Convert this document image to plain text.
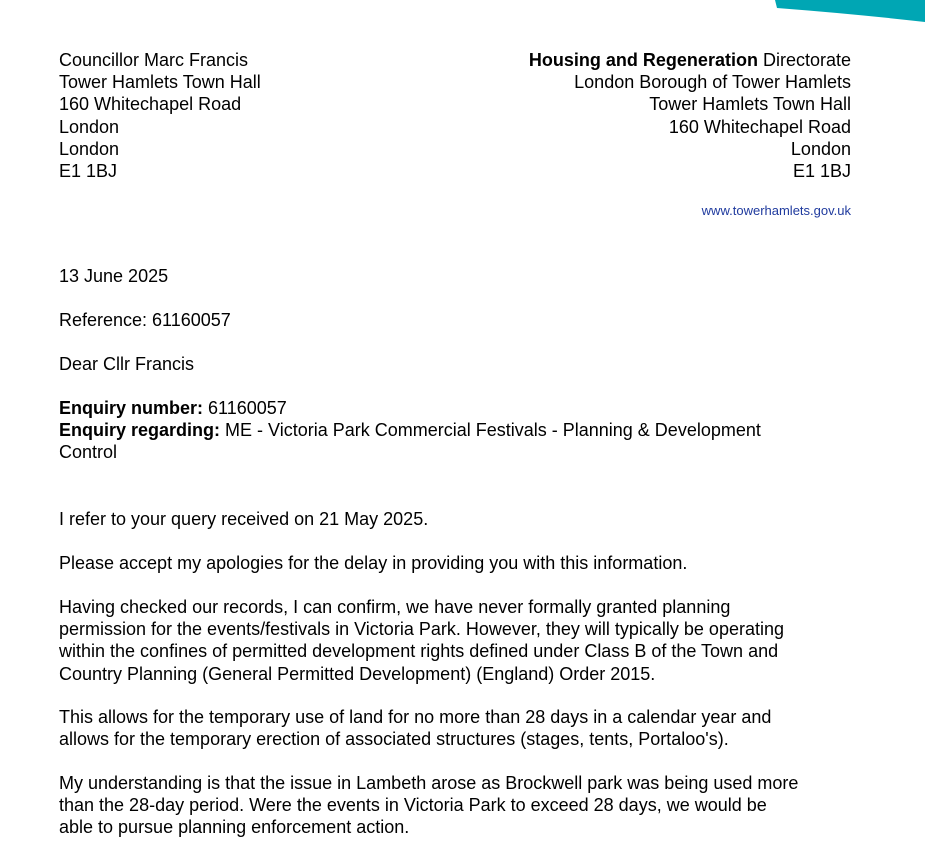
Councillor Marc Francis
Tower Hamlets Town Hall
160 Whitechapel Road
London
London
E1 1BJ
Housing and Regeneration Directorate
London Borough of Tower Hamlets
Tower Hamlets Town Hall
160 Whitechapel Road
London
E1 1BJ
www.towerhamlets.gov.uk
13 June 2025
Reference: 61160057
Dear Cllr Francis
Enquiry number: 61160057
Enquiry regarding: ME - Victoria Park Commercial Festivals - Planning & Development
Control
I refer to your query received on 21 May 2025.
Please accept my apologies for the delay in providing you with this information.
Having checked our records, I can confirm, we have never formally granted planning
permission for the events/festivals in Victoria Park. However, they will typically be operating
within the confines of permitted development rights defined under Class B of the Town and
Country Planning (General Permitted Development) (England) Order 2015.
This allows for the temporary use of land for no more than 28 days in a calendar year and
allows for the temporary erection of associated structures (stages, tents, Portaloo's).
My understanding is that the issue in Lambeth arose as Brockwell park was being used more
than the 28-day period. Were the events in Victoria Park to exceed 28 days, we would be
able to pursue planning enforcement action.
